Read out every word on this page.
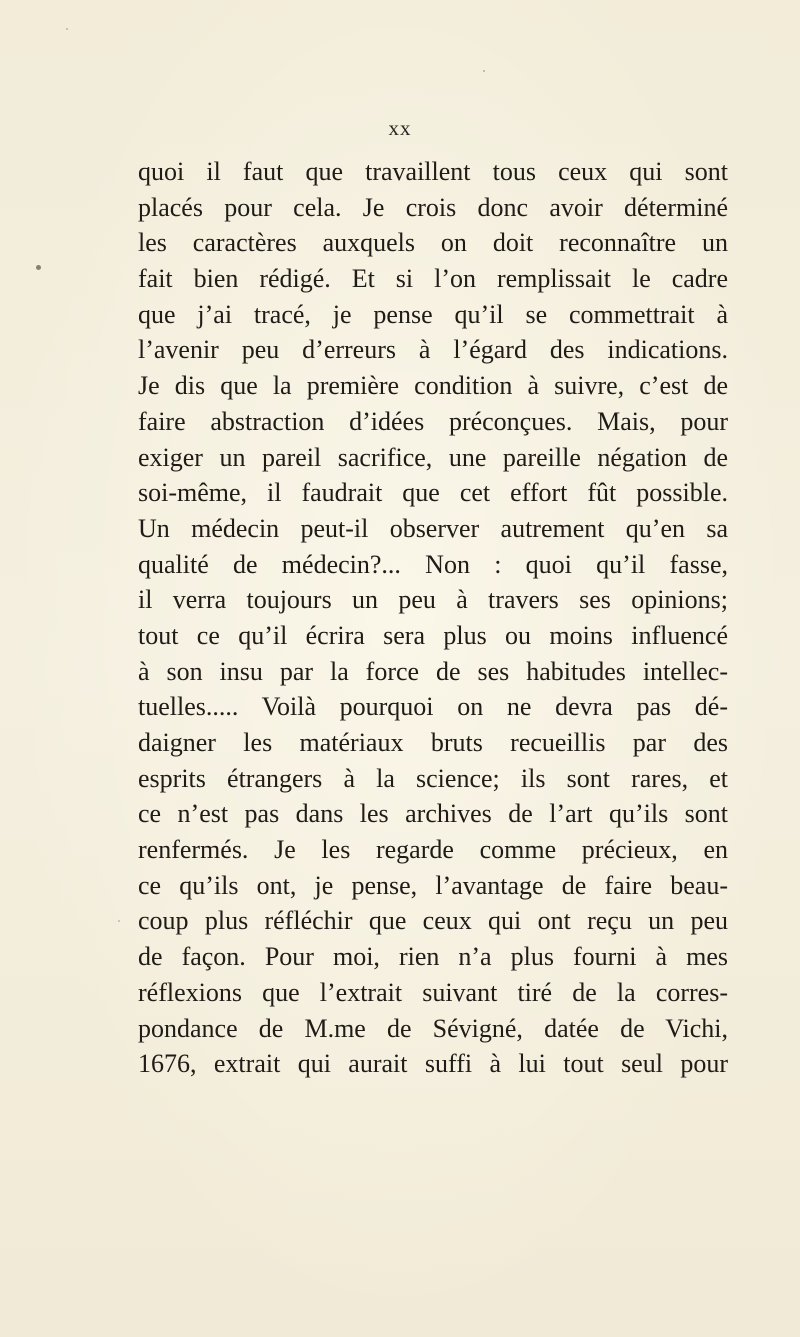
xx
quoi il faut que travaillent tous ceux qui sont
placés pour cela. Je crois donc avoir déterminé
les caractères auxquels on doit reconnaître un
fait bien rédigé. Et si l’on remplissait le cadre
que j’ai tracé, je pense qu’il se commettrait à
l’avenir peu d’erreurs à l’égard des indications.
Je dis que la première condition à suivre, c’est de
faire abstraction d’idées préconçues. Mais, pour
exiger un pareil sacrifice, une pareille négation de
soi-même, il faudrait que cet effort fût possible.
Un médecin peut-il observer autrement qu’en sa
qualité de médecin?... Non : quoi qu’il fasse,
il verra toujours un peu à travers ses opinions;
tout ce qu’il écrira sera plus ou moins influencé
à son insu par la force de ses habitudes intellec-
tuelles..... Voilà pourquoi on ne devra pas dé-
daigner les matériaux bruts recueillis par des
esprits étrangers à la science; ils sont rares, et
ce n’est pas dans les archives de l’art qu’ils sont
renfermés. Je les regarde comme précieux, en
ce qu’ils ont, je pense, l’avantage de faire beau-
coup plus réfléchir que ceux qui ont reçu un peu
de façon. Pour moi, rien n’a plus fourni à mes
réflexions que l’extrait suivant tiré de la corres-
pondance de M.me de Sévigné, datée de Vichi,
1676, extrait qui aurait suffi à lui tout seul pour
